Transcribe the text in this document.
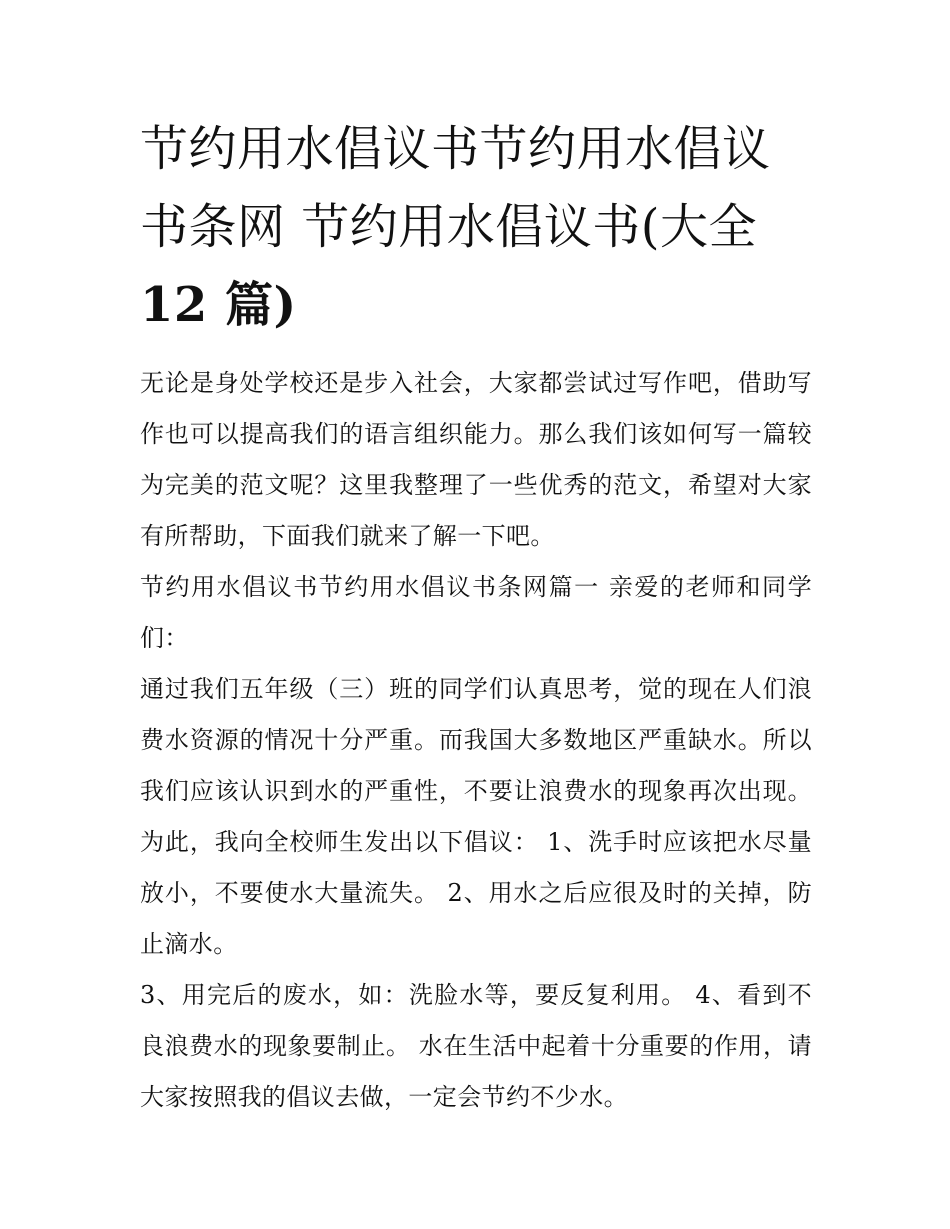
节约用水倡议书节约用水倡议
书条网 节约用水倡议书(大全
12 篇)

无论是身处学校还是步入社会，大家都尝试过写作吧，借助写作也可以提高我们的语言组织能力。那么我们该如何写一篇较为完美的范文呢？这里我整理了一些优秀的范文，希望对大家有所帮助，下面我们就来了解一下吧。

节约用水倡议书节约用水倡议书条网篇一 亲爱的老师和同学们：

通过我们五年级（三）班的同学们认真思考，觉的现在人们浪费水资源的情况十分严重。而我国大多数地区严重缺水。所以我们应该认识到水的严重性，不要让浪费水的现象再次出现。为此，我向全校师生发出以下倡议： 1、洗手时应该把水尽量放小，不要使水大量流失。 2、用水之后应很及时的关掉，防止滴水。

3、用完后的废水，如：洗脸水等，要反复利用。 4、看到不良浪费水的现象要制止。 水在生活中起着十分重要的作用，请大家按照我的倡议去做，一定会节约不少水。
